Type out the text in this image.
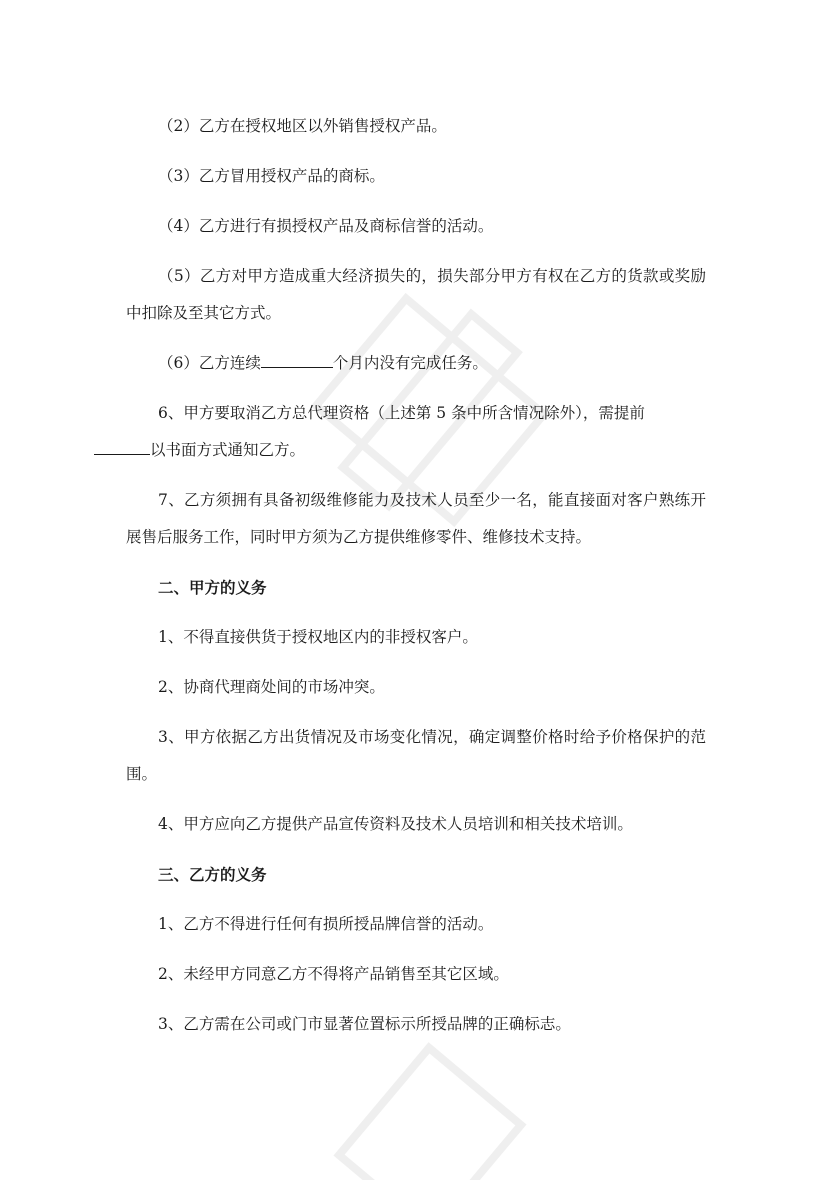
（2）乙方在授权地区以外销售授权产品。

（3）乙方冒用授权产品的商标。

（4）乙方进行有损授权产品及商标信誉的活动。

（5）乙方对甲方造成重大经济损失的，损失部分甲方有权在乙方的货款或奖励中扣除及至其它方式。

（6）乙方连续	个月内没有完成任务。

6、甲方要取消乙方总代理资格（上述第 5 条中所含情况除外），需提前
以书面方式通知乙方。

7、乙方须拥有具备初级维修能力及技术人员至少一名，能直接面对客户熟练开展售后服务工作，同时甲方须为乙方提供维修零件、维修技术支持。

二、甲方的义务

1、不得直接供货于授权地区内的非授权客户。

2、协商代理商处间的市场冲突。

3、甲方依据乙方出货情况及市场变化情况，确定调整价格时给予价格保护的范围。

4、甲方应向乙方提供产品宣传资料及技术人员培训和相关技术培训。

三、乙方的义务

1、乙方不得进行任何有损所授品牌信誉的活动。

2、未经甲方同意乙方不得将产品销售至其它区域。

3、乙方需在公司或门市显著位置标示所授品牌的正确标志。
